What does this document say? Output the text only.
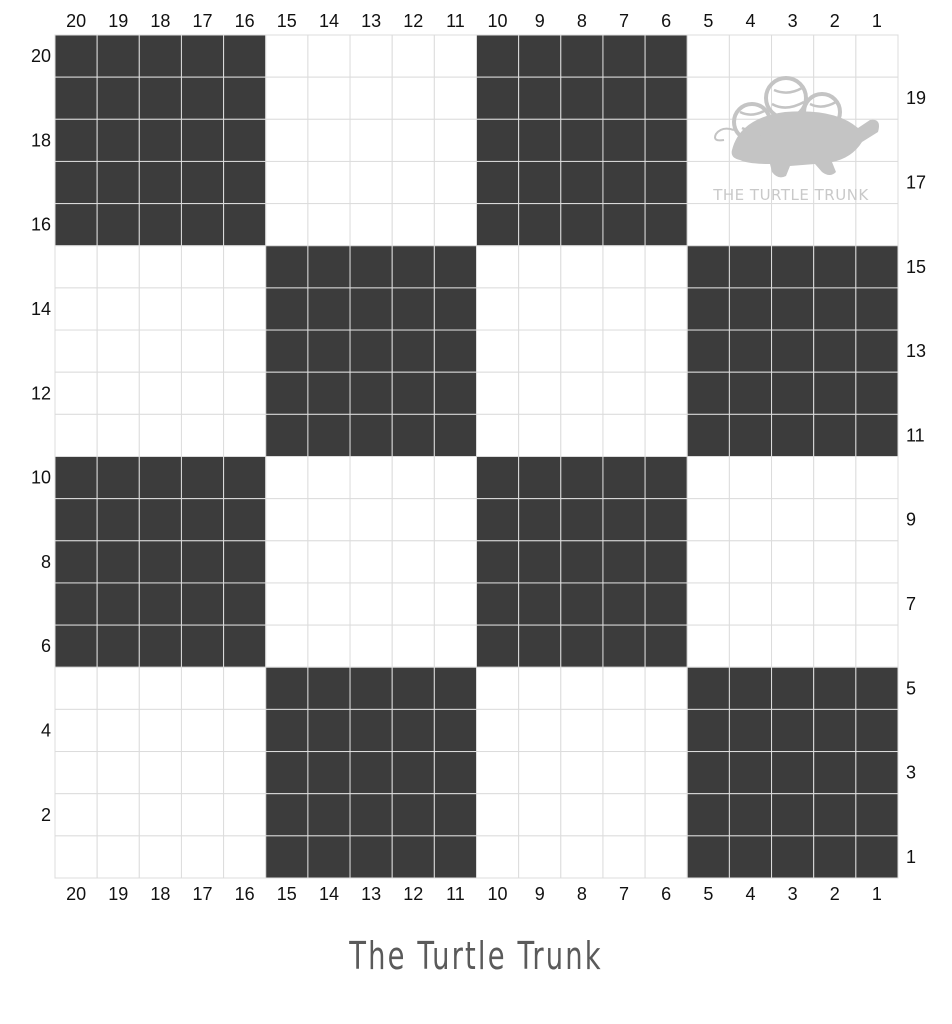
20 19 18 17 16 15 14 13 12 11 10 9 8 7 6 5 4 3 2 1
20 19 18 17 16 15 14 13 12 11 10 9 8 7 6 5 4 3 2 1
20
18
16
14
12
10
8
6
4
2
19
17
15
13
11
9
7
5
3
1
THE TURTLE TRUNK
The Turtle Trunk
